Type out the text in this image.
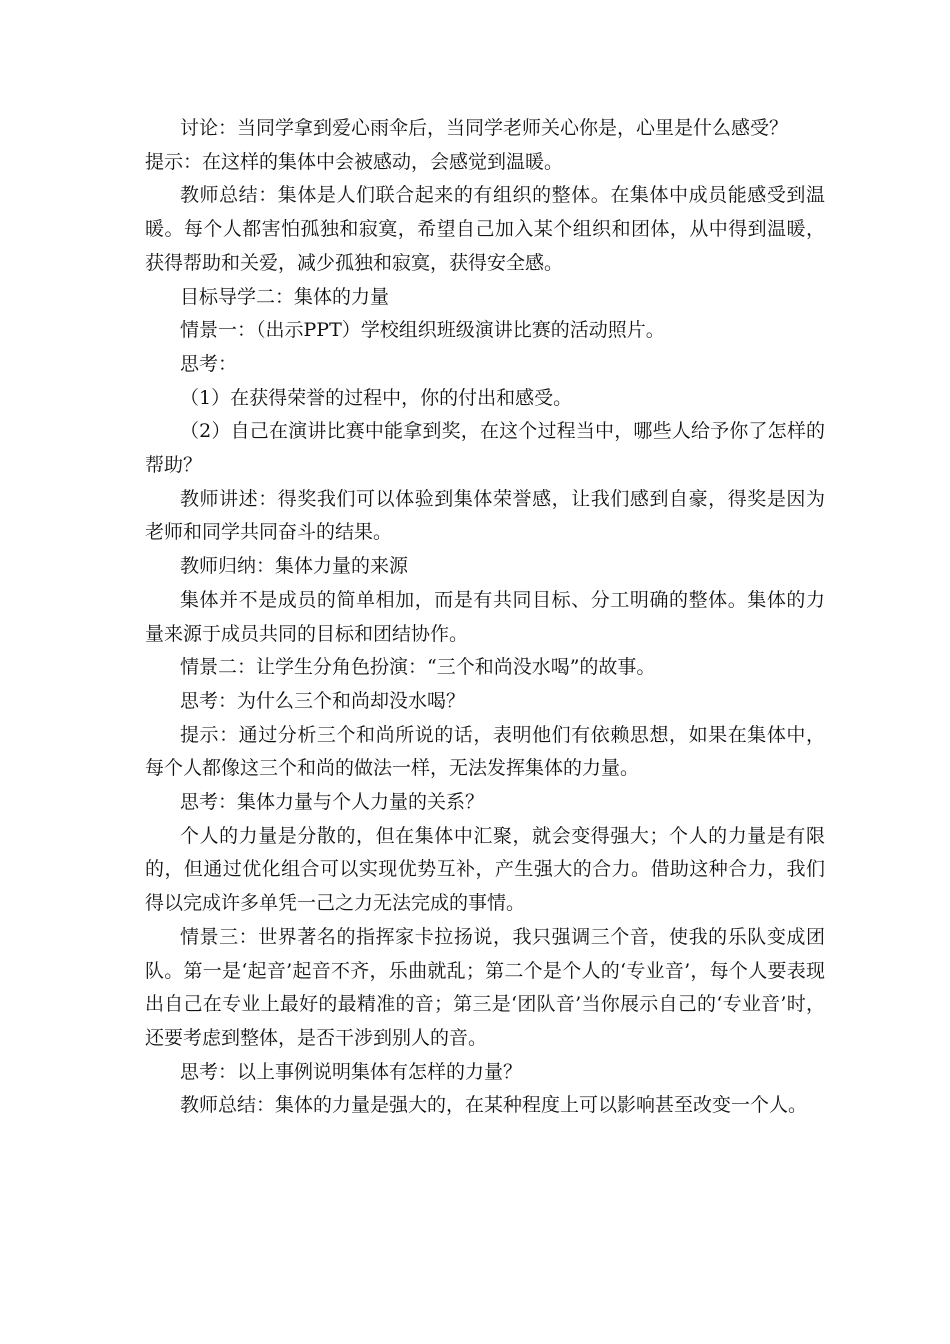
讨论：当同学拿到爱心雨伞后，当同学老师关心你是，心里是什么感受？

提示：在这样的集体中会被感动，会感觉到温暖。

教师总结：集体是人们联合起来的有组织的整体。在集体中成员能感受到温暖。每个人都害怕孤独和寂寞，希望自己加入某个组织和团体，从中得到温暖，获得帮助和关爱，减少孤独和寂寞，获得安全感。

目标导学二：集体的力量

情景一：（出示PPT）学校组织班级演讲比赛的活动照片。

思考：

（1）在获得荣誉的过程中，你的付出和感受。

（2）自己在演讲比赛中能拿到奖，在这个过程当中，哪些人给予你了怎样的帮助？

教师讲述：得奖我们可以体验到集体荣誉感，让我们感到自豪，得奖是因为老师和同学共同奋斗的结果。

教师归纳：集体力量的来源

集体并不是成员的简单相加，而是有共同目标、分工明确的整体。集体的力量来源于成员共同的目标和团结协作。

情景二：让学生分角色扮演：“三个和尚没水喝”的故事。

思考：为什么三个和尚却没水喝？

提示：通过分析三个和尚所说的话，表明他们有依赖思想，如果在集体中，每个人都像这三个和尚的做法一样，无法发挥集体的力量。

思考：集体力量与个人力量的关系？

个人的力量是分散的，但在集体中汇聚，就会变得强大；个人的力量是有限的，但通过优化组合可以实现优势互补，产生强大的合力。借助这种合力，我们得以完成许多单凭一己之力无法完成的事情。

情景三：世界著名的指挥家卡拉扬说，我只强调三个音，使我的乐队变成团队。第一是‘起音’起音不齐，乐曲就乱；第二个是个人的‘专业音’，每个人要表现出自己在专业上最好的最精准的音；第三是‘团队音’当你展示自己的‘专业音’时，还要考虑到整体，是否干涉到别人的音。

思考：以上事例说明集体有怎样的力量？

教师总结：集体的力量是强大的，在某种程度上可以影响甚至改变一个人。
